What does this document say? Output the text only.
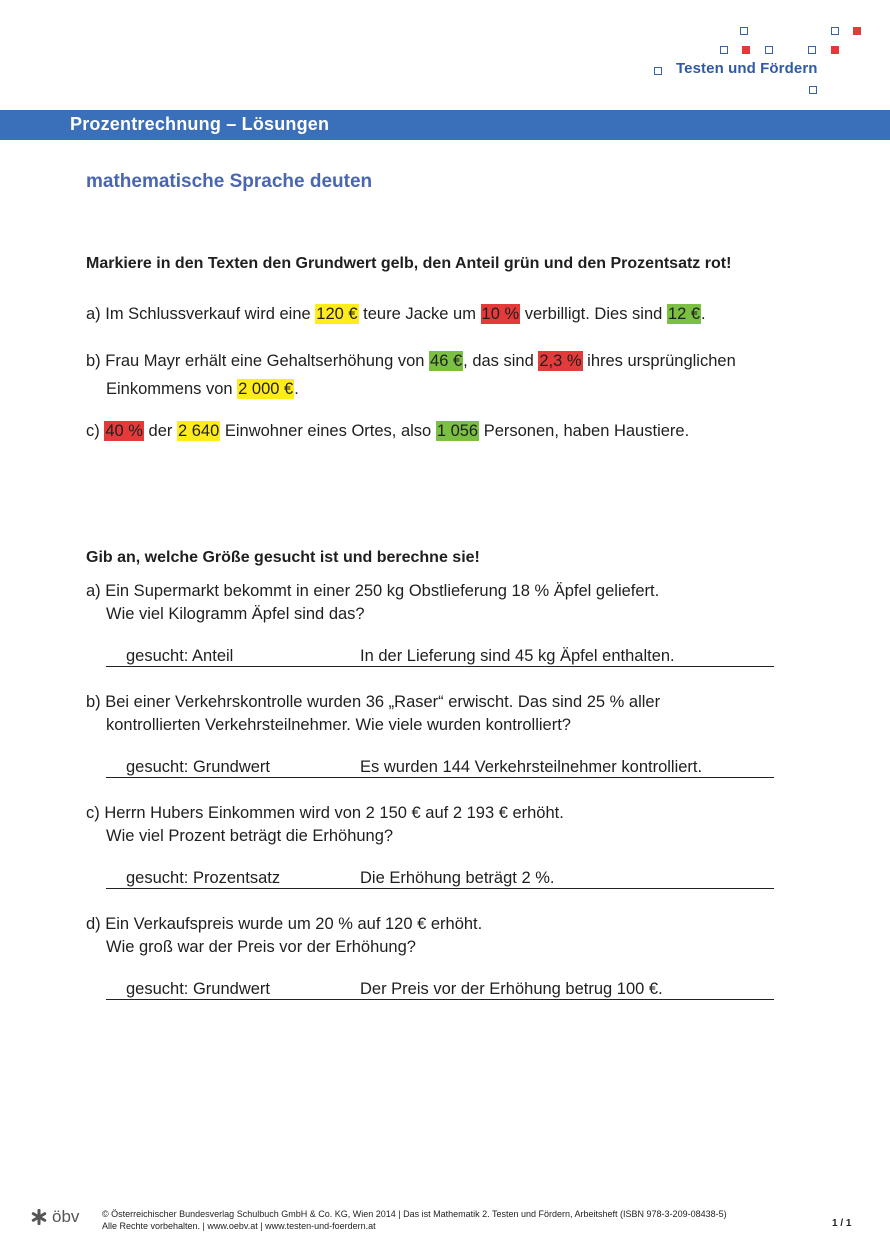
Testen und Fördern
Prozentrechnung – Lösungen
mathematische Sprache deuten
Markiere in den Texten den Grundwert gelb, den Anteil grün und den Prozentsatz rot!
a) Im Schlussverkauf wird eine 120 € teure Jacke um 10 % verbilligt. Dies sind 12 €.
b) Frau Mayr erhält eine Gehaltserhöhung von 46 €, das sind 2,3 % ihres ursprünglichen
Einkommens von 2 000 €.
c) 40 % der 2 640 Einwohner eines Ortes, also 1 056 Personen, haben Haustiere.
Gib an, welche Größe gesucht ist und berechne sie!
a) Ein Supermarkt bekommt in einer 250 kg Obstlieferung 18 % Äpfel geliefert.
Wie viel Kilogramm Äpfel sind das?
gesucht: Anteil	In der Lieferung sind 45 kg Äpfel enthalten.
b) Bei einer Verkehrskontrolle wurden 36 „Raser“ erwischt. Das sind 25 % aller
kontrollierten Verkehrsteilnehmer. Wie viele wurden kontrolliert?
gesucht: Grundwert	Es wurden 144 Verkehrsteilnehmer kontrolliert.
c) Herrn Hubers Einkommen wird von 2 150 € auf 2 193 € erhöht.
Wie viel Prozent beträgt die Erhöhung?
gesucht: Prozentsatz	Die Erhöhung beträgt 2 %.
d) Ein Verkaufspreis wurde um 20 % auf 120 € erhöht.
Wie groß war der Preis vor der Erhöhung?
gesucht: Grundwert	Der Preis vor der Erhöhung betrug 100 €.
öbv	© Österreichischer Bundesverlag Schulbuch GmbH & Co. KG, Wien 2014 | Das ist Mathematik 2. Testen und Fördern, Arbeitsheft (ISBN 978-3-209-08438-5)
Alle Rechte vorbehalten. | www.oebv.at | www.testen-und-foerdern.at	1 / 1
